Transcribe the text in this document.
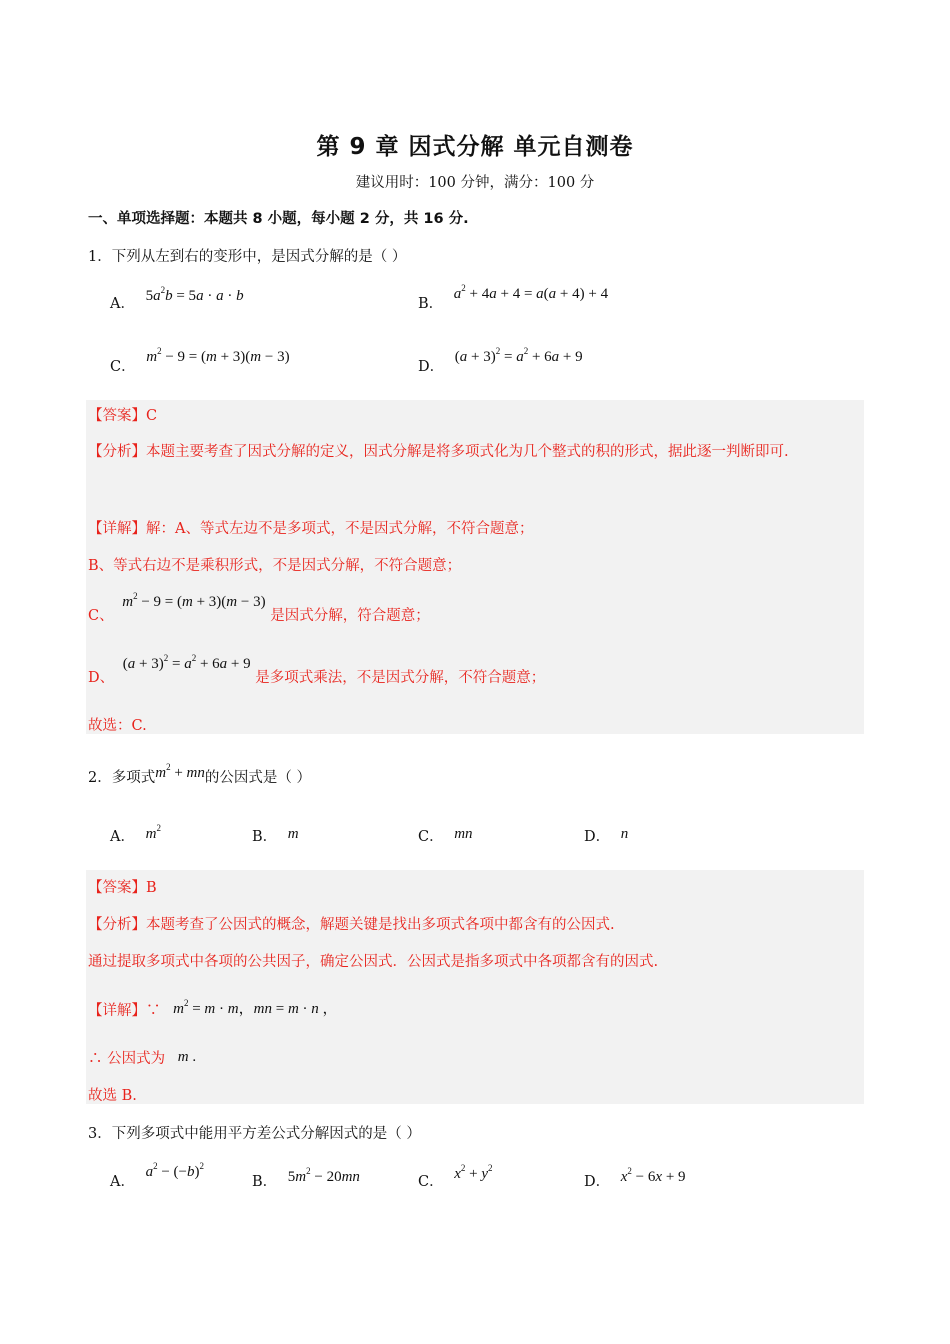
第 9 章 因式分解 单元自测卷
建议用时：100 分钟，满分：100 分
一、单项选择题：本题共 8 小题，每小题 2 分，共 16 分.
1．下列从左到右的变形中，是因式分解的是（ ）
A． $5a^2b = 5a \cdot a \cdot b$	B． $a^2 + 4a + 4 = a(a + 4) + 4$
C． $m^2 - 9 = (m + 3)(m - 3)$
D． $(a + 3)^2 = a^2 + 6a + 9$
【答案】C
【分析】本题主要考查了因式分解的定义，因式分解是将多项式化为几个整式的积的形式，据此逐一判断即可.
【详解】解：A、等式左边不是多项式，不是因式分解，不符合题意；
B、等式右边不是乘积形式，不是因式分解，不符合题意；
C、 $m^2 - 9 = (m + 3)(m - 3)$ 是因式分解，符合题意；
D、 $(a + 3)^2 = a^2 + 6a + 9$ 是多项式乘法，不是因式分解，不符合题意；
故选：C.
2．多项式$m^2$ + mn的公因式是（ ）
A． $m^2$
B． m	C． mn	D． n
【答案】B
【分析】本题考查了公因式的概念，解题关键是找出多项式各项中都含有的公因式.
通过提取多项式中各项的公共因子，确定公因式．公因式是指多项式中各项都含有的因式.
【详解】∵ $m^2 = m \cdot m$，mn = m · n ，
∴ 公因式为 m .
故选 B.
3．下列多项式中能用平方差公式分解因式的是（ ）
A． $a^2 - (-b)^2$
B． $5m^2 - 20mn$	C． $x^2 + y^2$
D． $x^2 - 6x + 9$
